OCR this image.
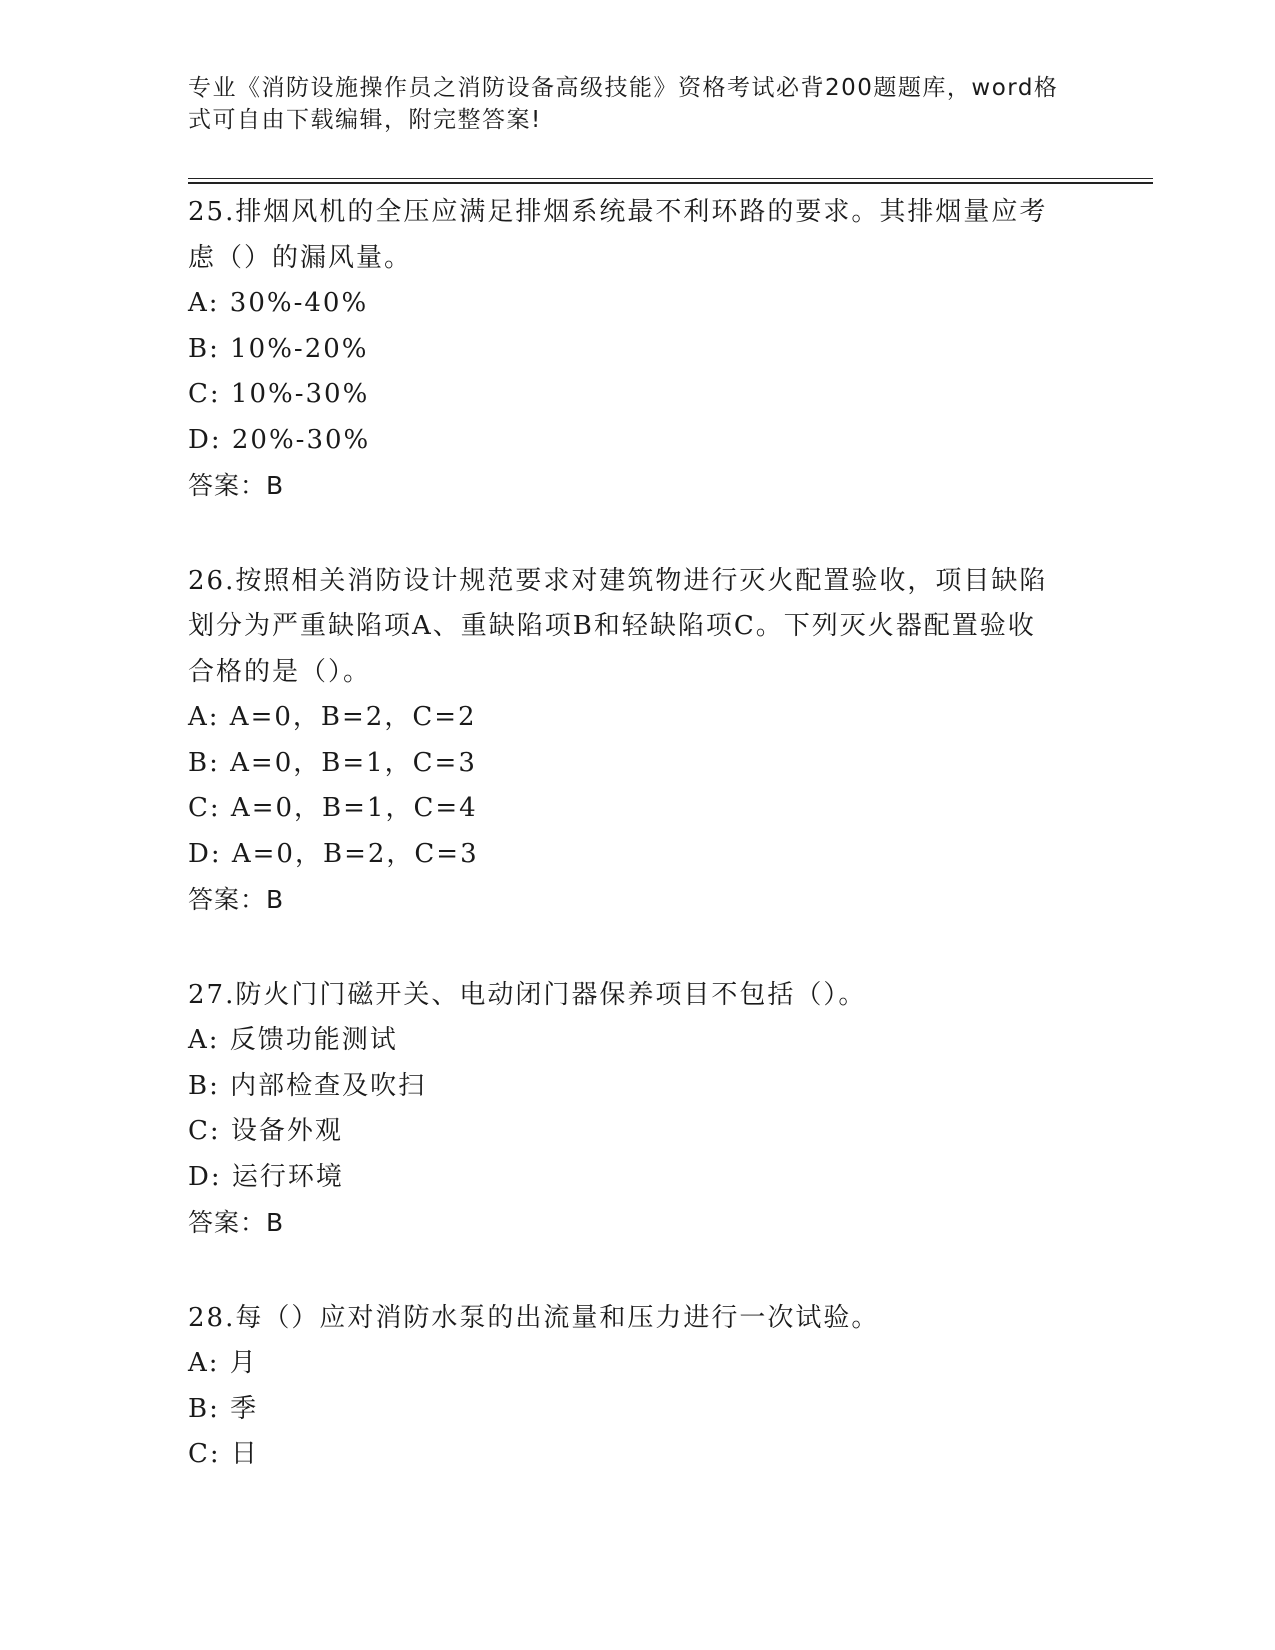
专业《消防设施操作员之消防设备高级技能》资格考试必背200题题库，word格
式可自由下载编辑，附完整答案!
25.排烟风机的全压应满足排烟系统最不利环路的要求。其排烟量应考
虑（）的漏风量。
A: 30%-40%
B: 10%-20%
C: 10%-30%
D: 20%-30%
答案：B
26.按照相关消防设计规范要求对建筑物进行灭火配置验收，项目缺陷
划分为严重缺陷项A、重缺陷项B和轻缺陷项C。下列灭火器配置验收
合格的是（）。
A: A=0，B=2，C=2
B: A=0，B=1，C=3
C: A=0，B=1，C=4
D: A=0，B=2，C=3
答案：B
27.防火门门磁开关、电动闭门器保养项目不包括（）。
A: 反馈功能测试
B: 内部检查及吹扫
C: 设备外观
D: 运行环境
答案：B
28.每（）应对消防水泵的出流量和压力进行一次试验。
A: 月
B: 季
C: 日
